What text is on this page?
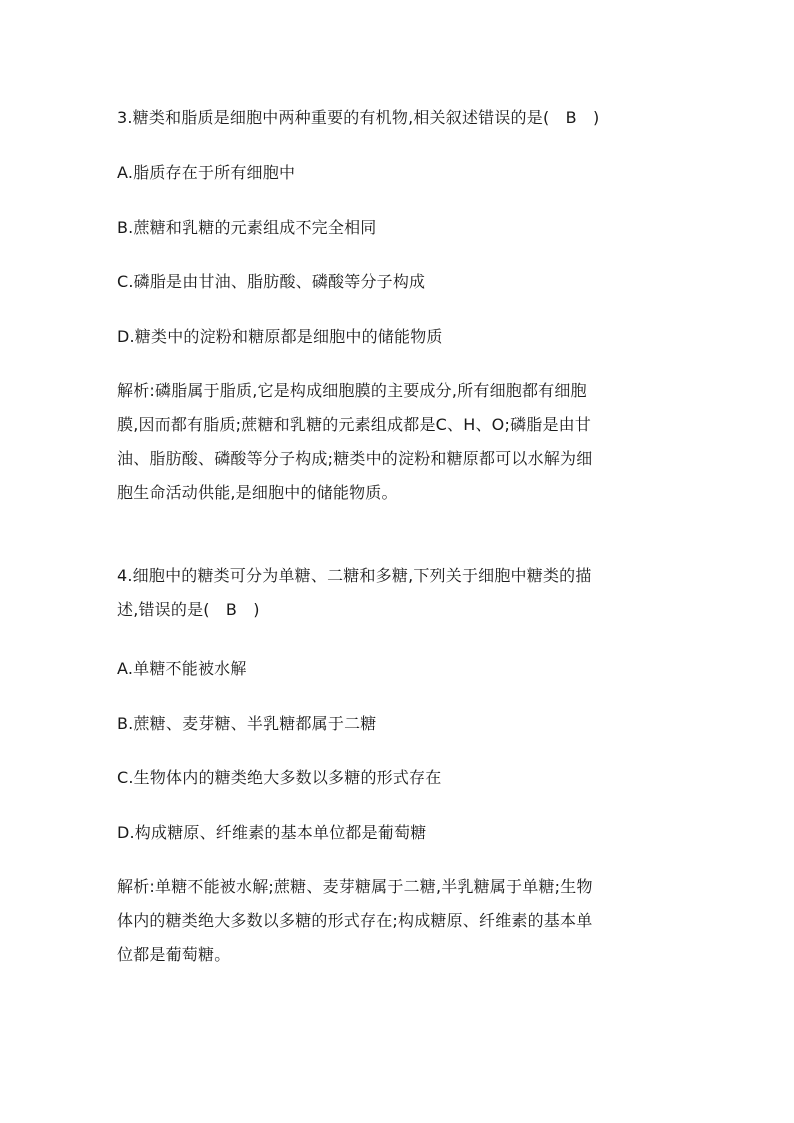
3.糖类和脂质是细胞中两种重要的有机物,相关叙述错误的是(　B　)
A.脂质存在于所有细胞中
B.蔗糖和乳糖的元素组成不完全相同
C.磷脂是由甘油、脂肪酸、磷酸等分子构成
D.糖类中的淀粉和糖原都是细胞中的储能物质
解析:磷脂属于脂质,它是构成细胞膜的主要成分,所有细胞都有细胞
膜,因而都有脂质;蔗糖和乳糖的元素组成都是C、H、O;磷脂是由甘
油、脂肪酸、磷酸等分子构成;糖类中的淀粉和糖原都可以水解为细
胞生命活动供能,是细胞中的储能物质。
4.细胞中的糖类可分为单糖、二糖和多糖,下列关于细胞中糖类的描
述,错误的是(　B　)
A.单糖不能被水解
B.蔗糖、麦芽糖、半乳糖都属于二糖
C.生物体内的糖类绝大多数以多糖的形式存在
D.构成糖原、纤维素的基本单位都是葡萄糖
解析:单糖不能被水解;蔗糖、麦芽糖属于二糖,半乳糖属于单糖;生物
体内的糖类绝大多数以多糖的形式存在;构成糖原、纤维素的基本单
位都是葡萄糖。
